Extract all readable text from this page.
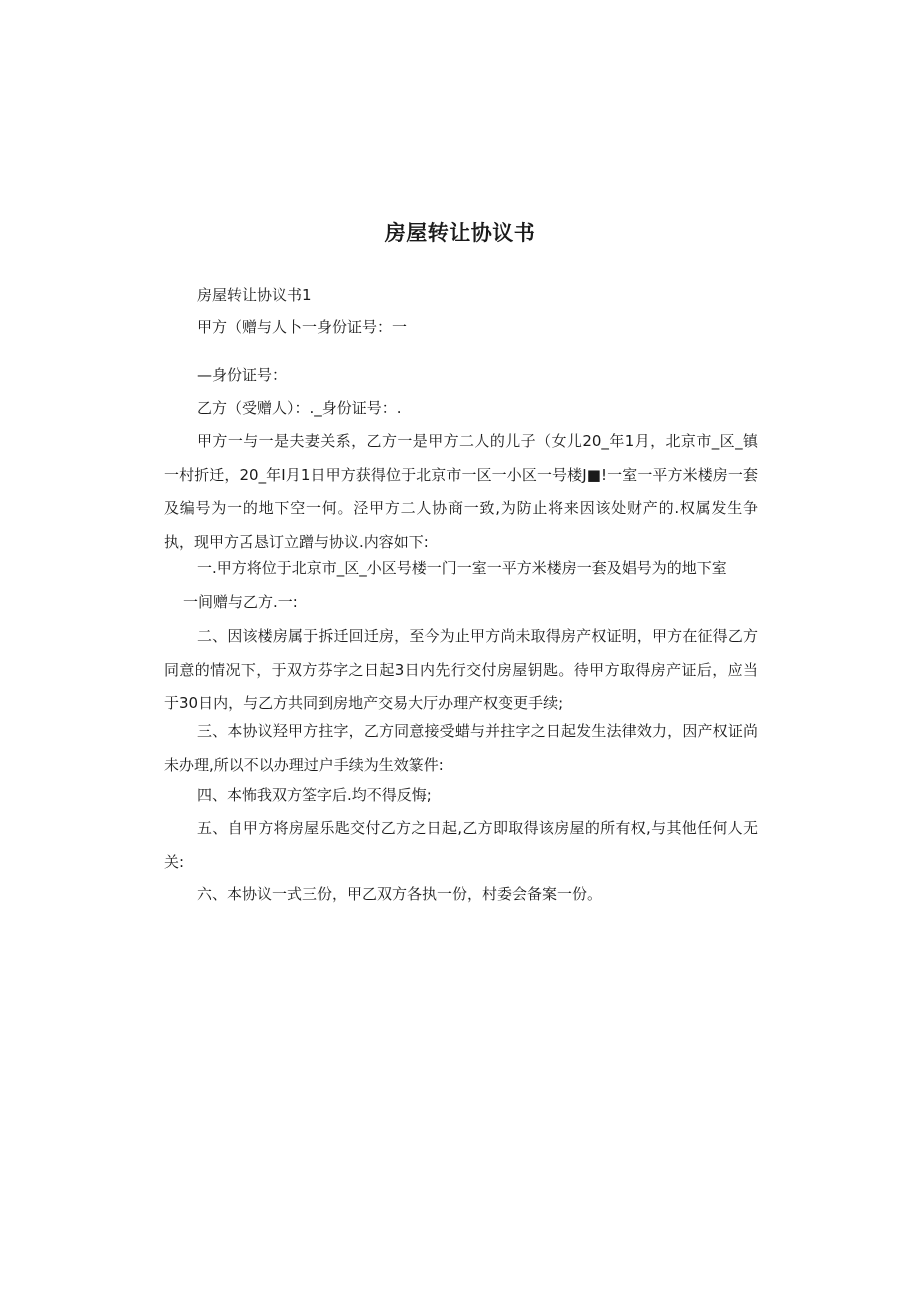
房屋转让协议书
房屋转让协议书1
甲方（赠与人卜一身份证号：一
—身份证号：
乙方（受赠人）：._身份证号：.
甲方一与一是夫妻关系，乙方一是甲方二人的儿子（女儿20_年1月，北京市_区_镇一村折迁，20_年I月1日甲方获得位于北京市一区一小区一号楼J■!一室一平方米楼房一套及编号为一的地下空一何。泾甲方二人协商一致,为防止将来因该处财产的.权属发生争执，现甲方叾恳订立蹭与协议.内容如下:
一.甲方将位于北京市_区_小区号楼一门一室一平方米楼房一套及娼号为的地下室
一间赠与乙方.一:
二、因该楼房属于拆迁回迁房，至今为止甲方尚未取得房产权证明，甲方在征得乙方同意的情况下，于双方芬字之日起3日内先行交付房屋钥匙。待甲方取得房产证后，应当于30日内，与乙方共同到房地产交易大厅办理产权变更手续;
三、本协议羟甲方拄字，乙方同意接受蜡与并拄字之日起发生法律效力，因产权证尚未办理,所以不以办理过户手续为生效篆件:
四、本怖我双方筌字后.均不得反悔;
五、自甲方将房屋乐匙交付乙方之日起,乙方即取得该房屋的所有权,与其他任何人无关:
六、本协议一式三份，甲乙双方各执一份，村委会备案一份。
